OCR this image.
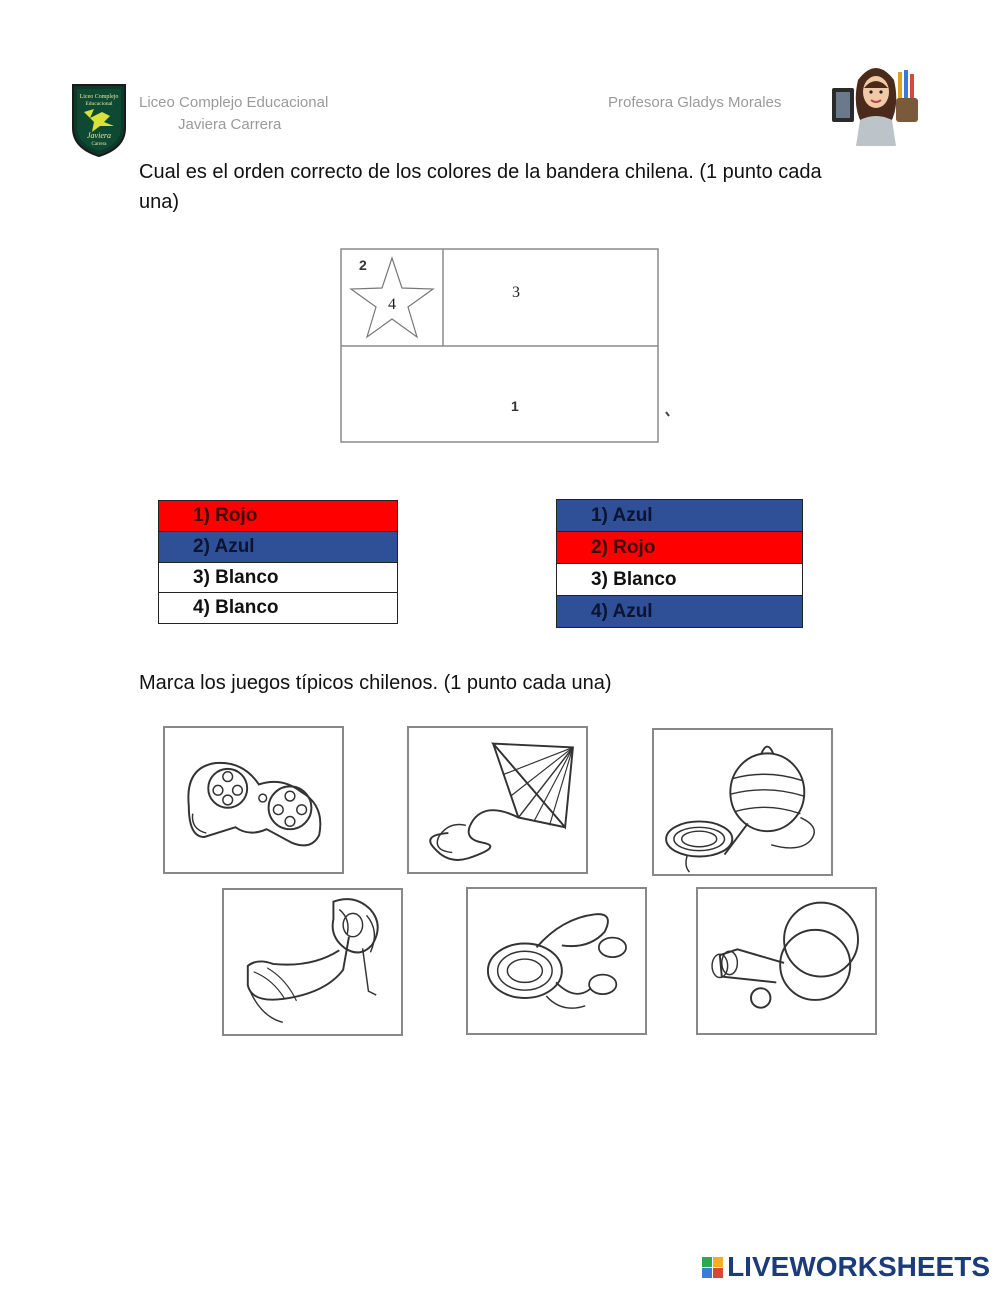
Liceo Complejo
Educacional
Javiera
Carrera
Liceo Complejo Educacional
Javiera Carrera
Profesora Gladys Morales
Cual es el orden correcto de los colores de la bandera chilena. (1 punto cada una)
2
4
3
1
1) Rojo
2) Azul
3) Blanco
4) Blanco
1) Azul
2) Rojo
3) Blanco
4) Azul
Marca los juegos típicos chilenos. (1 punto cada una)
LIVEWORKSHEETS
